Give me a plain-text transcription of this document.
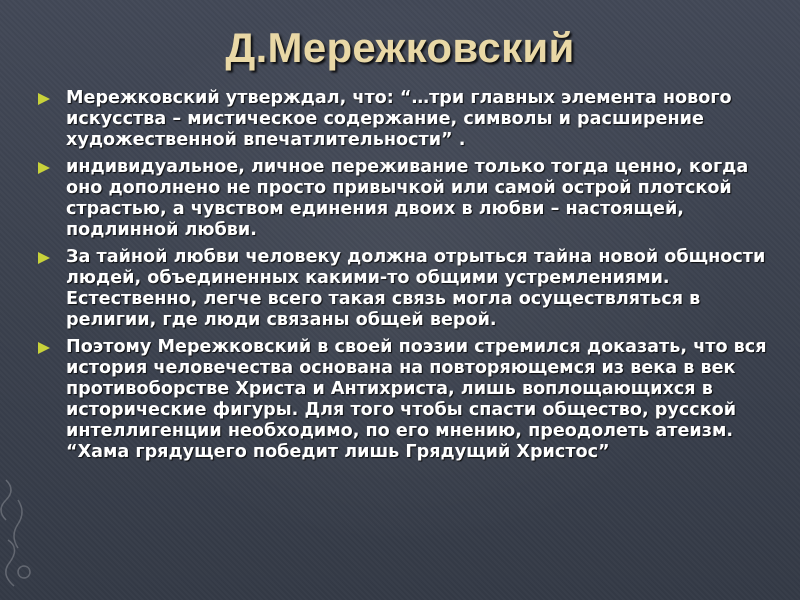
Д.Мережковский
Мережковский утверждал, что: “…три главных элемента нового искусства – мистическое содержание, символы и расширение художественной впечатлительности” .
индивидуальное, личное переживание только тогда ценно, когда оно дополнено не просто привычкой или самой острой плотской страстью, а чувством единения двоих в любви – настоящей, подлинной любви.
За тайной любви человеку должна отрыться тайна новой общности людей, объединенных какими-то общими устремлениями. Естественно, легче всего такая связь могла осуществляться в религии, где люди связаны общей верой.
Поэтому Мережковский в своей поэзии стремился доказать, что вся история человечества основана на повторяющемся из века в век противоборстве Христа и Антихриста, лишь воплощающихся в исторические фигуры. Для того чтобы спасти общество, русской интеллигенции необходимо, по его мнению, преодолеть атеизм. “Хама грядущего победит лишь Грядущий Христос”
